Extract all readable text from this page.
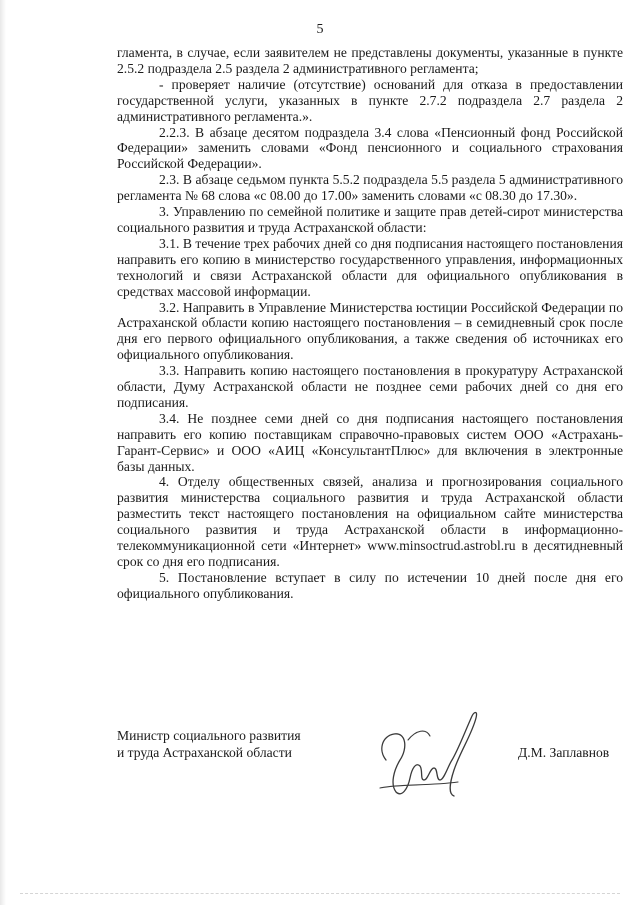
5

гламента, в случае, если заявителем не представлены документы, указанные в пункте 2.5.2 подраздела 2.5 раздела 2 административного регламента;

- проверяет наличие (отсутствие) оснований для отказа в предоставлении государственной услуги, указанных в пункте 2.7.2 подраздела 2.7 раздела 2 административного регламента.».

2.2.3. В абзаце десятом подраздела 3.4 слова «Пенсионный фонд Российской Федерации» заменить словами «Фонд пенсионного и социального страхования Российской Федерации».

2.3. В абзаце седьмом пункта 5.5.2 подраздела 5.5 раздела 5 административного регламента № 68 слова «с 08.00 до 17.00» заменить словами «с 08.30 до 17.30».

3. Управлению по семейной политике и защите прав детей-сирот министерства социального развития и труда Астраханской области:

3.1. В течение трех рабочих дней со дня подписания настоящего постановления направить его копию в министерство государственного управления, информационных технологий и связи Астраханской области для официального опубликования в средствах массовой информации.

3.2. Направить в Управление Министерства юстиции Российской Федерации по Астраханской области копию настоящего постановления – в семидневный срок после дня его первого официального опубликования, а также сведения об источниках его официального опубликования.

3.3. Направить копию настоящего постановления в прокуратуру Астраханской области, Думу Астраханской области не позднее семи рабочих дней со дня его подписания.

3.4. Не позднее семи дней со дня подписания настоящего постановления направить его копию поставщикам справочно-правовых систем ООО «Астрахань-Гарант-Сервис» и ООО «АИЦ «КонсультантПлюс» для включения в электронные базы данных.

4. Отделу общественных связей, анализа и прогнозирования социального развития министерства социального развития и труда Астраханской области разместить текст настоящего постановления на официальном сайте министерства социального развития и труда Астраханской области в информационно-телекоммуникационной сети «Интернет» www.minsoctrud.astrobl.ru в десятидневный срок со дня его подписания.

5. Постановление вступает в силу по истечении 10 дней после дня его официального опубликования.

Министр социального развития
и труда Астраханской области	Д.М. Заплавнов
